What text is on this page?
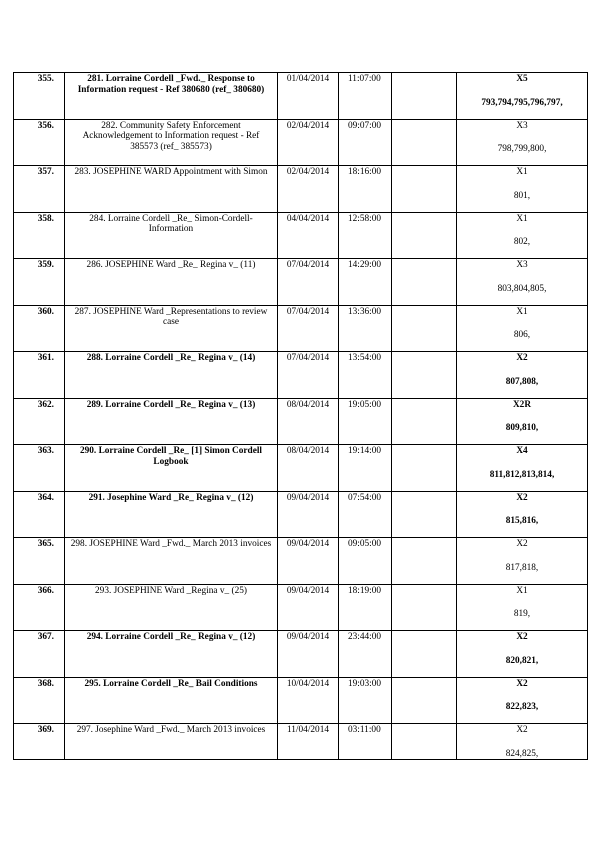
355.	281. Lorraine Cordell _Fwd._ Response to Information request - Ref 380680 (ref_ 380680)	01/04/2014	11:07:00		X5
793,794,795,796,797,

356.	282. Community Safety Enforcement Acknowledgement to Information request - Ref 385573 (ref_ 385573)	02/04/2014	09:07:00		X3
798,799,800,

357.	283. JOSEPHINE WARD Appointment with Simon	02/04/2014	18:16:00		X1
801,

358.	284. Lorraine Cordell _Re_ Simon-Cordell-Information	04/04/2014	12:58:00		X1
802,

359.	286. JOSEPHINE Ward _Re_ Regina v_ (11)	07/04/2014	14:29:00		X3
803,804,805,

360.	287. JOSEPHINE Ward _Representations to review case	07/04/2014	13:36:00		X1
806,

361.	288. Lorraine Cordell _Re_ Regina v_ (14)	07/04/2014	13:54:00		X2
807,808,

362.	289. Lorraine Cordell _Re_ Regina v_ (13)	08/04/2014	19:05:00		X2R
809,810,

363.	290. Lorraine Cordell _Re_ [1] Simon Cordell Logbook	08/04/2014	19:14:00		X4
811,812,813,814,

364.	291. Josephine Ward _Re_ Regina v_ (12)	09/04/2014	07:54:00		X2
815,816,

365.	298. JOSEPHINE Ward _Fwd._ March 2013 invoices	09/04/2014	09:05:00		X2
817,818,

366.	293. JOSEPHINE Ward _Regina v_ (25)	09/04/2014	18:19:00		X1
819,

367.	294. Lorraine Cordell _Re_ Regina v_ (12)	09/04/2014	23:44:00		X2
820,821,

368.	295. Lorraine Cordell _Re_ Bail Conditions	10/04/2014	19:03:00		X2
822,823,

369.	297. Josephine Ward _Fwd._ March 2013 invoices	11/04/2014	03:11:00		X2
824,825,
